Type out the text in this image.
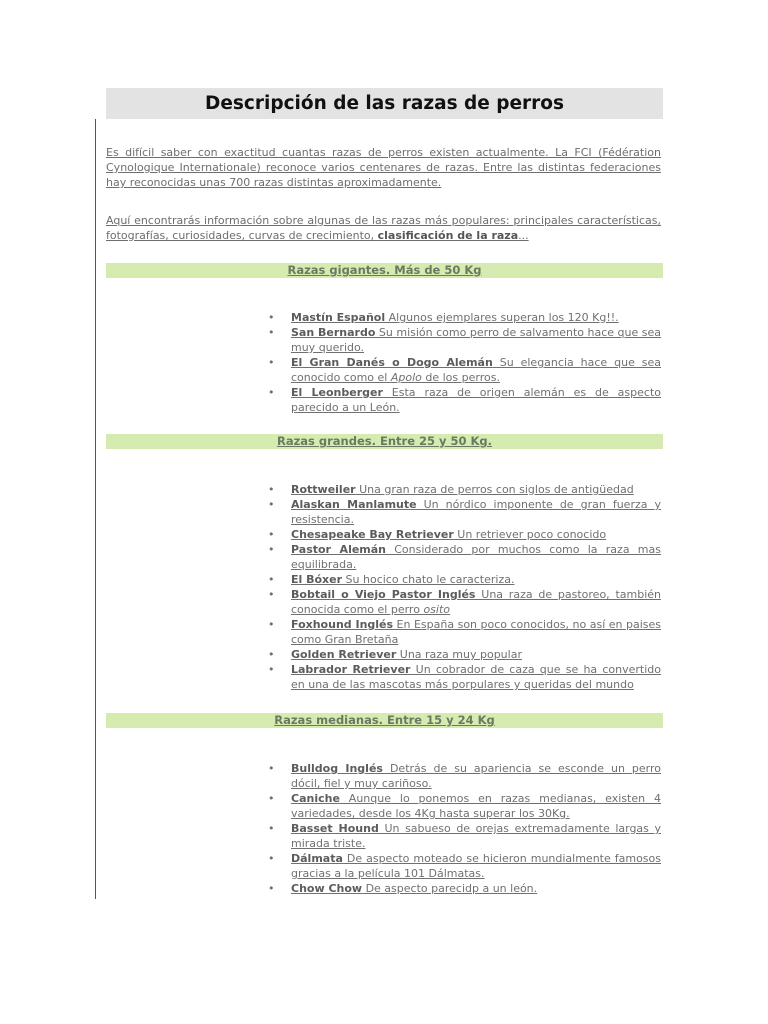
Descripción de las razas de perros

Es difícil saber con exactitud cuantas razas de perros existen actualmente. La FCI (Fédération Cynologique Internationale) reconoce varios centenares de razas. Entre las distintas federaciones hay reconocidas unas 700 razas distintas aproximadamente.

Aquí encontrarás información sobre algunas de las razas más populares: principales características, fotografías, curiosidades, curvas de crecimiento, clasificación de la raza...

Razas gigantes. Más de 50 Kg
• Mastín Español Algunos ejemplares superan los 120 Kg!!.
• San Bernardo Su misión como perro de salvamento hace que sea muy querido.
• El Gran Danés o Dogo Alemán Su elegancia hace que sea conocido como el Apolo de los perros.
• El Leonberger Esta raza de origen alemán es de aspecto parecido a un León.
Razas grandes. Entre 25 y 50 Kg.
• Rottweiler Una gran raza de perros con siglos de antigüedad
• Alaskan Manlamute Un nórdico imponente de gran fuerza y resistencia.
• Chesapeake Bay Retriever Un retriever poco conocido
• Pastor Alemán Considerado por muchos como la raza mas equilibrada.
• El Bóxer Su hocico chato le caracteriza.
• Bobtail o Viejo Pastor Inglés Una raza de pastoreo, también conocida como el perro osito
• Foxhound Inglés En España son poco conocidos, no así en paises como Gran Bretaña
• Golden Retriever Una raza muy popular
• Labrador Retriever Un cobrador de caza que se ha convertido en una de las mascotas más porpulares y queridas del mundo
Razas medianas. Entre 15 y 24 Kg
• Bulldog Inglés Detrás de su apariencia se esconde un perro dócil, fiel y muy cariñoso.
• Caniche Aunque lo ponemos en razas medianas, existen 4 variedades, desde los 4Kg hasta superar los 30Kg.
• Basset Hound Un sabueso de orejas extremadamente largas y mirada triste.
• Dálmata De aspecto moteado se hicieron mundialmente famosos gracias a la película 101 Dálmatas.
• Chow Chow De aspecto parecidp a un león.
